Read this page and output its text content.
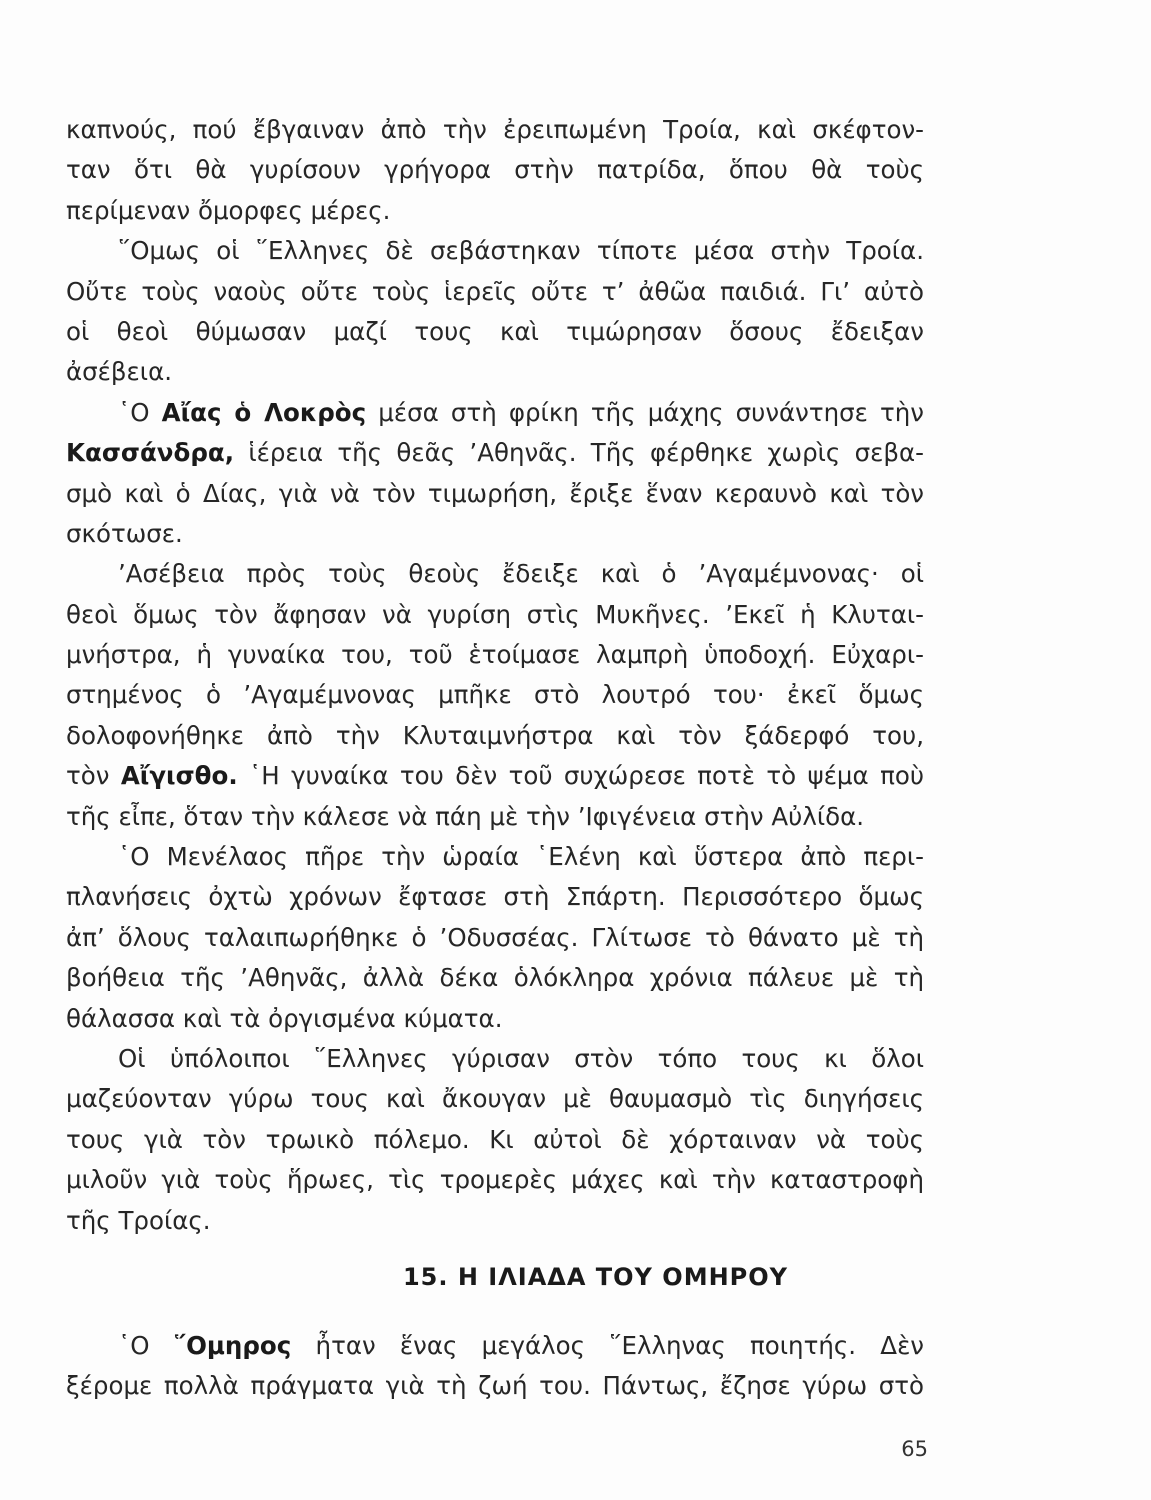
καπνούς, πού ἔβγαιναν ἀπὸ τὴν ἐρειπωμένη Τροία, καὶ σκέφτον-
ταν ὅτι θὰ γυρίσουν γρήγορα στὴν πατρίδα, ὅπου θὰ τοὺς
περίμεναν ὄμορφες μέρες.
῞Ομως οἱ ῞Ελληνες δὲ σεβάστηκαν τίποτε μέσα στὴν Τροία.
Οὔτε τοὺς ναοὺς οὔτε τοὺς ἱερεῖς οὔτε τ’ ἀθῶα παιδιά. Γι’ αὐτὸ
οἱ θεοὶ θύμωσαν μαζί τους καὶ τιμώρησαν ὅσους ἔδειξαν
ἀσέβεια.
῾Ο Αἴας ὁ Λοκρὸς μέσα στὴ φρίκη τῆς μάχης συνάντησε τὴν
Κασσάνδρα, ἱέρεια τῆς θεᾶς ’Αθηνᾶς. Τῆς φέρθηκε χωρὶς σεβα-
σμὸ καὶ ὁ Δίας, γιὰ νὰ τὸν τιμωρήση, ἔριξε ἕναν κεραυνὸ καὶ τὸν
σκότωσε.
’Ασέβεια πρὸς τοὺς θεοὺς ἔδειξε καὶ ὁ ’Αγαμέμνονας· οἱ
θεοὶ ὅμως τὸν ἄφησαν νὰ γυρίση στὶς Μυκῆνες. ’Εκεῖ ἡ Κλυται-
μνήστρα, ἡ γυναίκα του, τοῦ ἑτοίμασε λαμπρὴ ὑποδοχή. Εὐχαρι-
στημένος ὁ ’Αγαμέμνονας μπῆκε στὸ λουτρό του· ἐκεῖ ὅμως
δολοφονήθηκε ἀπὸ τὴν Κλυταιμνήστρα καὶ τὸν ξάδερφό του,
τὸν Αἴγισθο. ῾Η γυναίκα του δὲν τοῦ συχώρεσε ποτὲ τὸ ψέμα ποὺ
τῆς εἶπε, ὅταν τὴν κάλεσε νὰ πάη μὲ τὴν ’Ιφιγένεια στὴν Αὐλίδα.
῾Ο Μενέλαος πῆρε τὴν ὡραία ῾Ελένη καὶ ὕστερα ἀπὸ περι-
πλανήσεις ὀχτὼ χρόνων ἔφτασε στὴ Σπάρτη. Περισσότερο ὅμως
ἀπ’ ὅλους ταλαιπωρήθηκε ὁ ’Οδυσσέας. Γλίτωσε τὸ θάνατο μὲ τὴ
βοήθεια τῆς ’Αθηνᾶς, ἀλλὰ δέκα ὁλόκληρα χρόνια πάλευε μὲ τὴ
θάλασσα καὶ τὰ ὀργισμένα κύματα.
Οἱ ὑπόλοιποι ῞Ελληνες γύρισαν στὸν τόπο τους κι ὅλοι
μαζεύονταν γύρω τους καὶ ἄκουγαν μὲ θαυμασμὸ τὶς διηγήσεις
τους γιὰ τὸν τρωικὸ πόλεμο. Κι αὐτοὶ δὲ χόρταιναν νὰ τοὺς
μιλοῦν γιὰ τοὺς ἥρωες, τὶς τρομερὲς μάχες καὶ τὴν καταστροφὴ
τῆς Τροίας.
15. Η ΙΛΙΑΔΑ ΤΟΥ ΟΜΗΡΟΥ
῾Ο ῞Ομηρος ἦταν ἕνας μεγάλος ῞Ελληνας ποιητής. Δὲν
ξέρομε πολλὰ πράγματα γιὰ τὴ ζωή του. Πάντως, ἔζησε γύρω στὸ
65
